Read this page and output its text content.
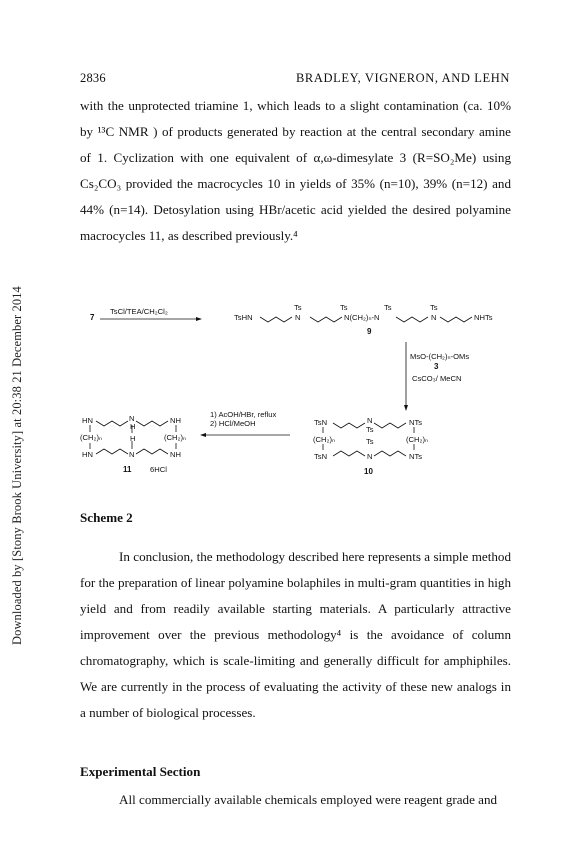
2836	BRADLEY, VIGNERON, AND LEHN
Downloaded by [Stony Brook University] at 20:38 21 December 2014
with the unprotected triamine 1, which leads to a slight contamination (ca. 10%
by ¹³C NMR ) of products generated by reaction at the central secondary amine
of 1. Cyclization with one equivalent of α,ω-dimesylate 3 (R=SO₂Me) using
Cs₂CO₃ provided the macrocycles 10 in yields of 35% (n=10), 39% (n=12) and
44% (n=14). Detosylation using HBr/acetic acid yielded the desired polyamine
macrocycles 11, as described previously.⁴
7
TsCl/TEA/CH₂Cl₂
TsHN
Ts
N
Ts
N(CH₂)ₙ-N
Ts	Ts
N	NHTs
9
MsO-(CH₂)ₙ-OMs
3
CsCO₃/ MeCN
1) AcOH/HBr, reflux
2) HCl/MeOH
HN	N
H
NH
(CH₂)ₙ	H	(CH₂)ₙ
HN	N	NH
11 6HCl
TsN	N
Ts
NTs
(CH₂)ₙ	Ts	(CH₂)ₙ
TsN	N	NTs
10
Scheme 2
In conclusion, the methodology described here represents a simple method
for the preparation of linear polyamine bolaphiles in multi-gram quantities in high
yield and from readily available starting materials. A particularly attractive
improvement over the previous methodology⁴ is the avoidance of column
chromatography, which is scale-limiting and generally difficult for amphiphiles.
We are currently in the process of evaluating the activity of these new analogs in
a number of biological processes.
Experimental Section
All commercially available chemicals employed were reagent grade and
